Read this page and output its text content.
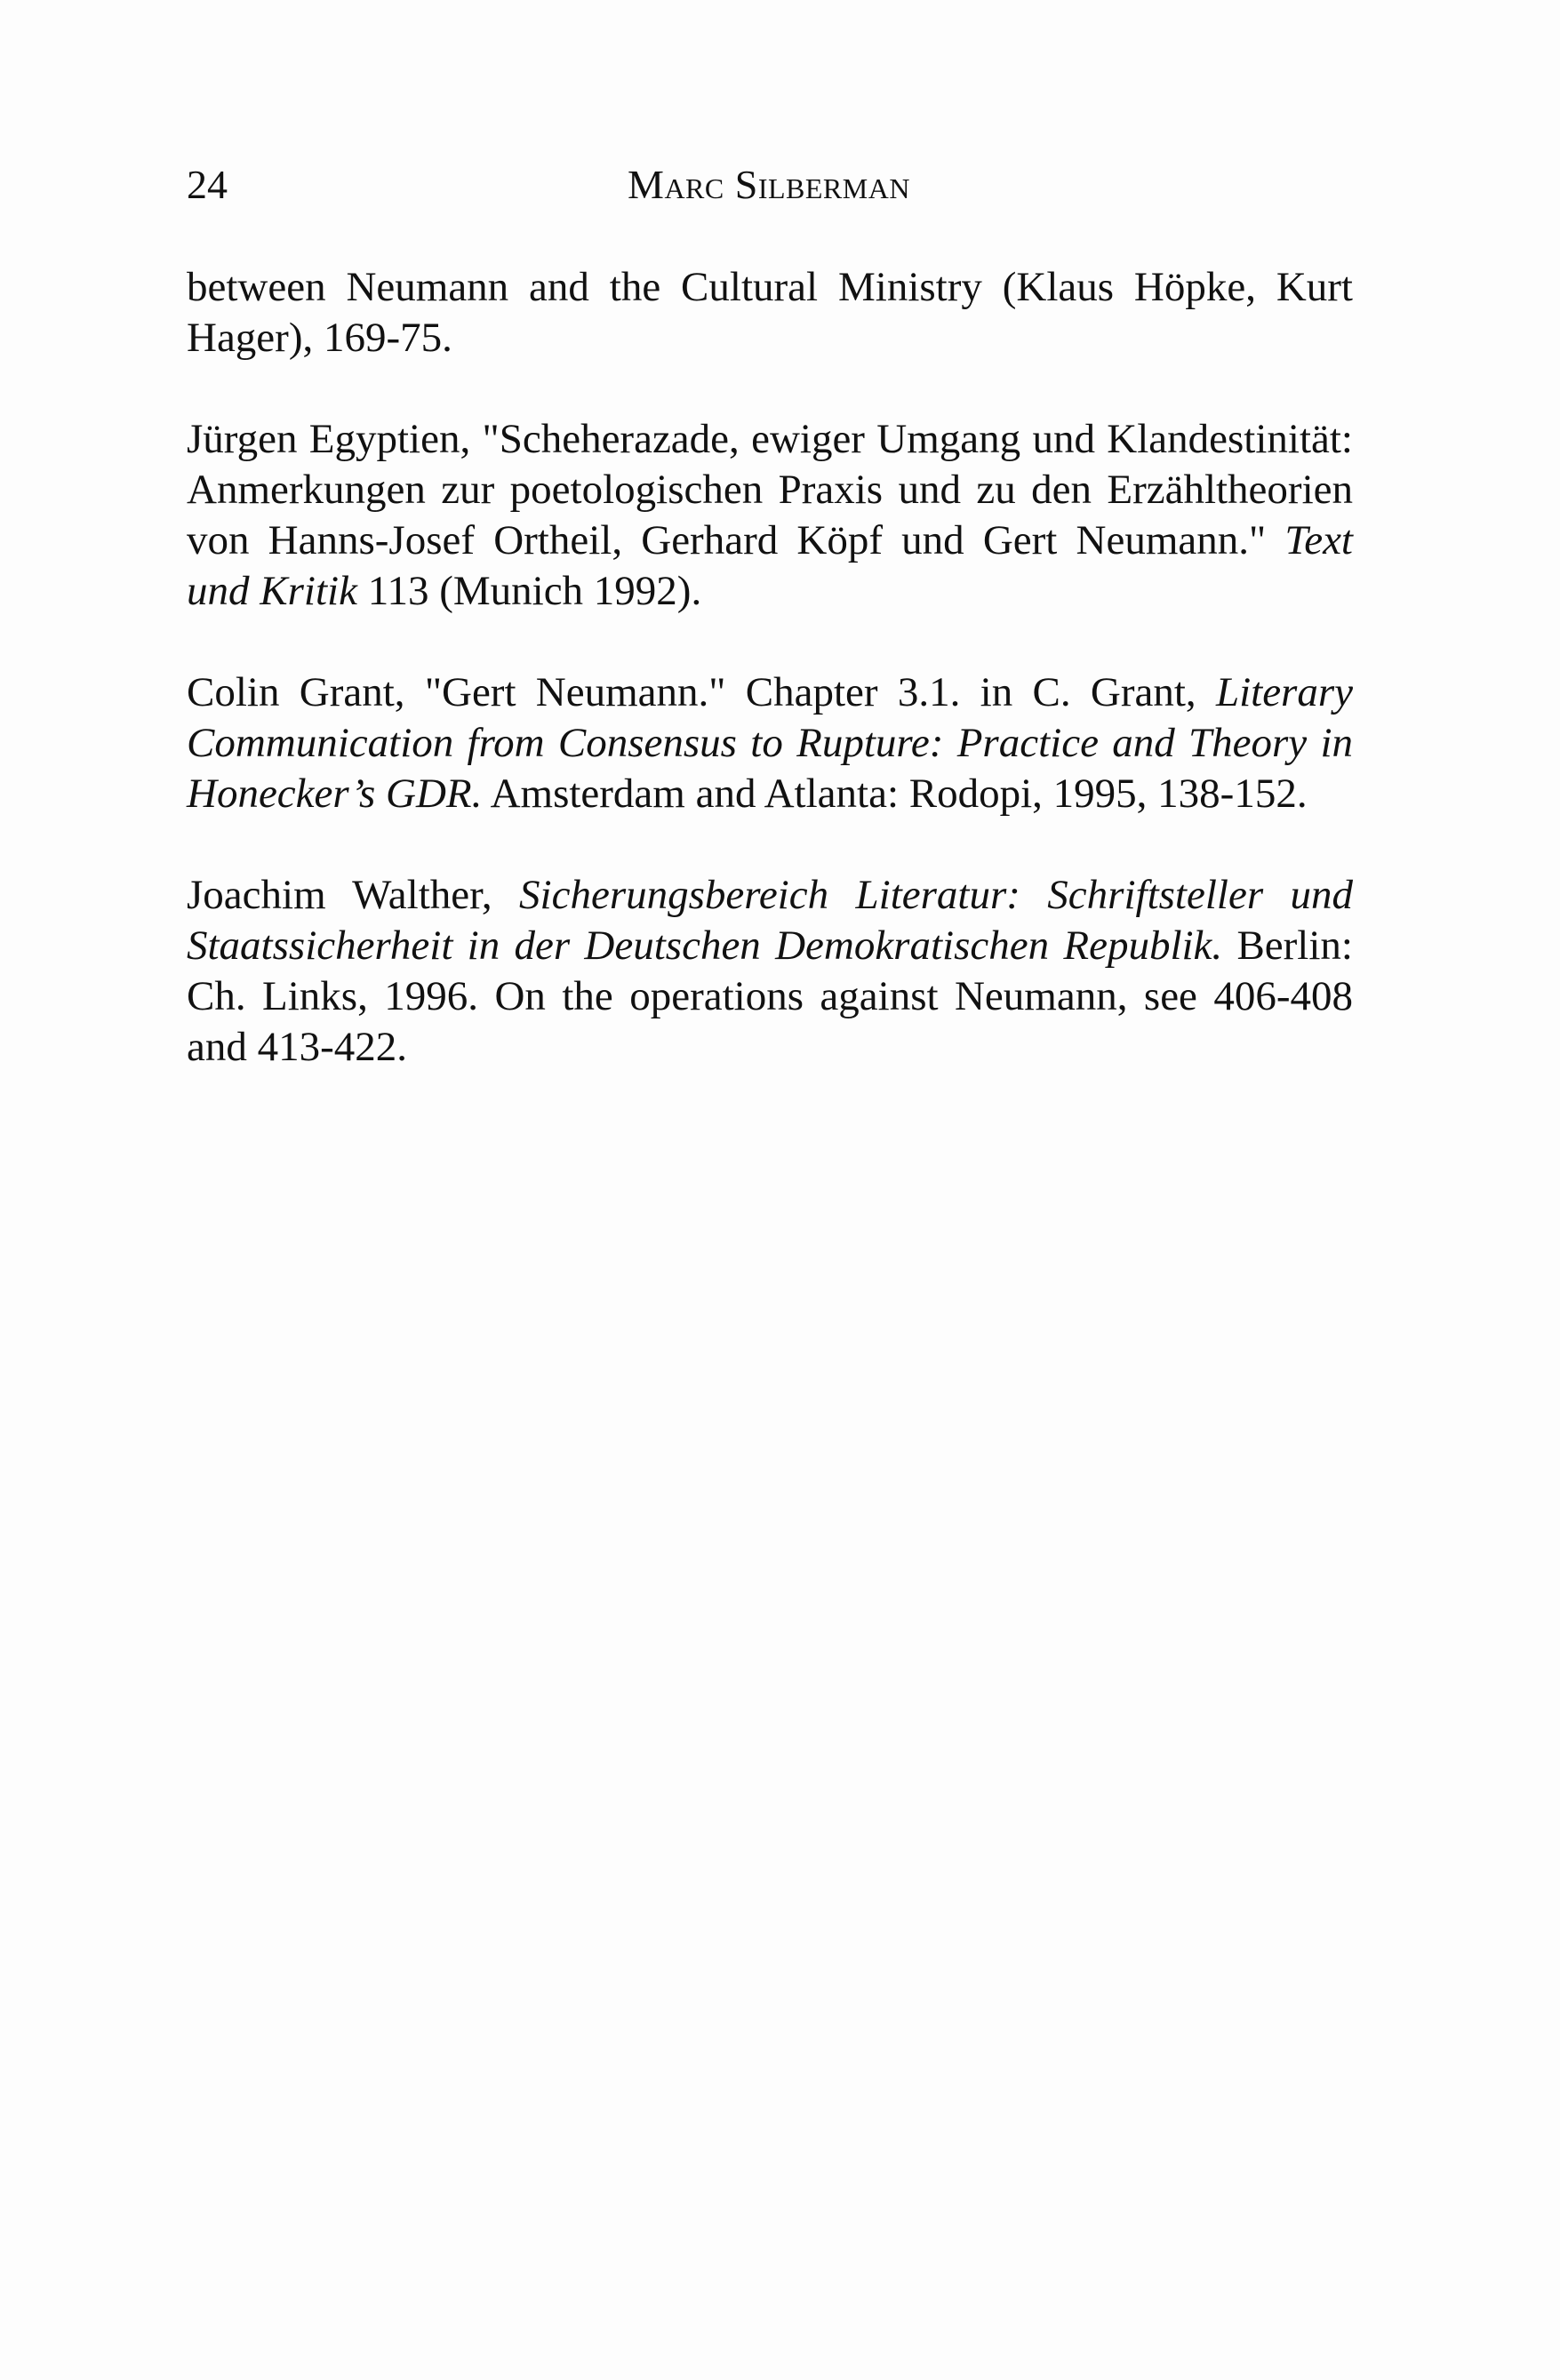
24	Marc Silberman

between Neumann and the Cultural Ministry (Klaus Höpke, Kurt Hager), 169-75.

Jürgen Egyptien, "Scheherazade, ewiger Umgang und Klandestinität: Anmerkungen zur poetologischen Praxis und zu den Erzähltheorien von Hanns-Josef Ortheil, Gerhard Köpf und Gert Neumann." Text und Kritik 113 (Munich 1992).

Colin Grant, "Gert Neumann." Chapter 3.1. in C. Grant, Literary Communication from Consensus to Rupture: Practice and Theory in Honecker’s GDR. Amsterdam and Atlanta: Rodopi, 1995, 138-152.

Joachim Walther, Sicherungsbereich Literatur: Schriftsteller und Staatssicherheit in der Deutschen Demokratischen Republik. Berlin: Ch. Links, 1996. On the operations against Neumann, see 406-408 and 413-422.
